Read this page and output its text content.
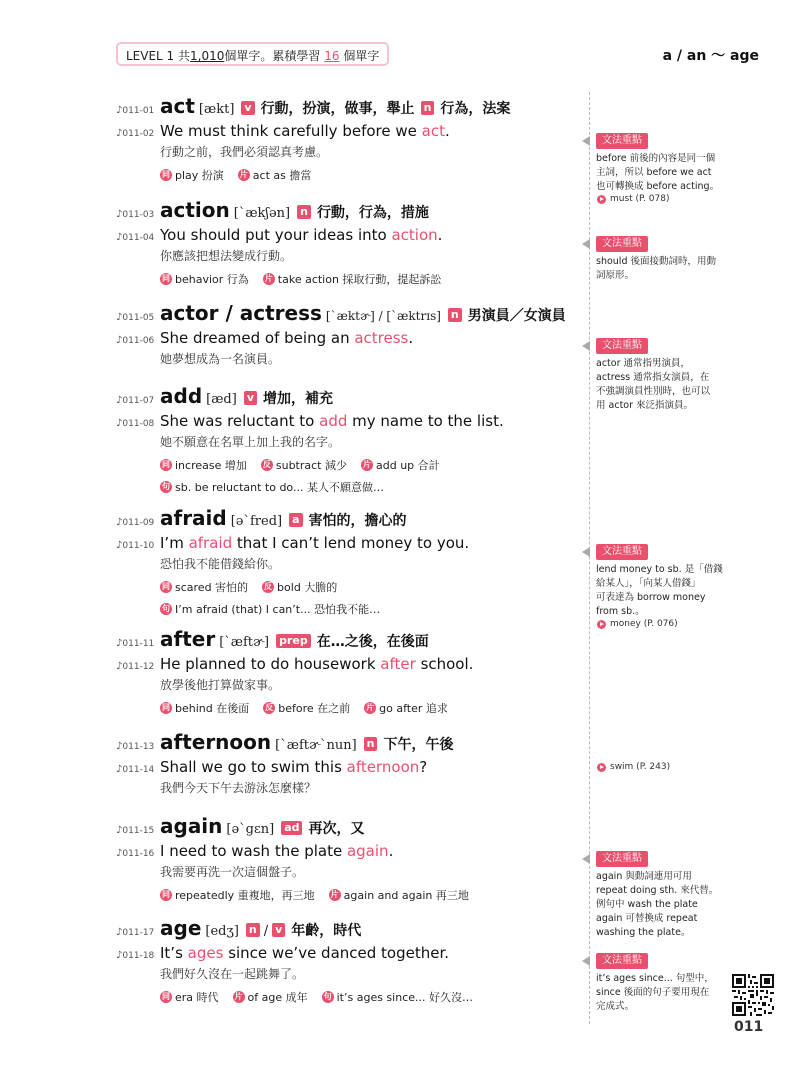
LEVEL 1 共1,010個單字。累積學習 16 個單字	a / an ～ age
♪011-01 act [ækt] v 行動，扮演，做事，舉止 n 行為，法案
♪011-02 We must think carefully before we act.
行動之前，我們必須認真考慮。
同 play 扮演 片 act as 擔當
♪011-03 action [ˋækʃən] n 行動，行為，措施
♪011-04 You should put your ideas into action.
你應該把想法變成行動。
同 behavior 行為 片 take action 採取行動，提起訴訟
♪011-05 actor / actress [ˋæktɚ] / [ˋæktrɪs] n 男演員／女演員
♪011-06 She dreamed of being an actress.
她夢想成為一名演員。
♪011-07 add [æd] v 增加，補充
♪011-08 She was reluctant to add my name to the list.
她不願意在名單上加上我的名字。
同 increase 增加 反 subtract 減少 片 add up 合計
句 sb. be reluctant to do... 某人不願意做…
♪011-09 afraid [əˋfred] a 害怕的，擔心的
♪011-10 I’m afraid that I can’t lend money to you.
恐怕我不能借錢給你。
同 scared 害怕的 反 bold 大膽的
句 I’m afraid (that) I can’t... 恐怕我不能…
♪011-11 after [ˋæftɚ] prep 在…之後，在後面
♪011-12 He planned to do housework after school.
放學後他打算做家事。
同 behind 在後面 反 before 在之前 片 go after 追求
♪011-13 afternoon [ˋæftɚˋnun] n 下午，午後
♪011-14 Shall we go to swim this afternoon?
我們今天下午去游泳怎麼樣？
♪011-15 again [əˋgɛn] ad 再次，又
♪011-16 I need to wash the plate again.
我需要再洗一次這個盤子。
同 repeatedly 重複地，再三地 片 again and again 再三地
♪011-17 age [edʒ] n / v 年齡，時代
♪011-18 It’s ages since we’ve danced together.
我們好久沒在一起跳舞了。
同 era 時代 片 of age 成年 句 it’s ages since... 好久沒…
文法重點
before 前後的內容是同一個
主詞，所以 before we act
也可轉換成 before acting。
must (P. 078)
文法重點
should 後面接動詞時，用動
詞原形。
文法重點
actor 通常指男演員，
actress 通常指女演員，在
不強調演員性別時，也可以
用 actor 來泛指演員。
文法重點
lend money to sb. 是「借錢
給某人」，「向某人借錢」
可表達為 borrow money
from sb.。
money (P. 076)
swim (P. 243)
文法重點
again 與動詞連用可用
repeat doing sth. 來代替。
例句中 wash the plate
again 可替換成 repeat
washing the plate。
文法重點
it’s ages since... 句型中，
since 後面的句子要用現在
完成式。
011
